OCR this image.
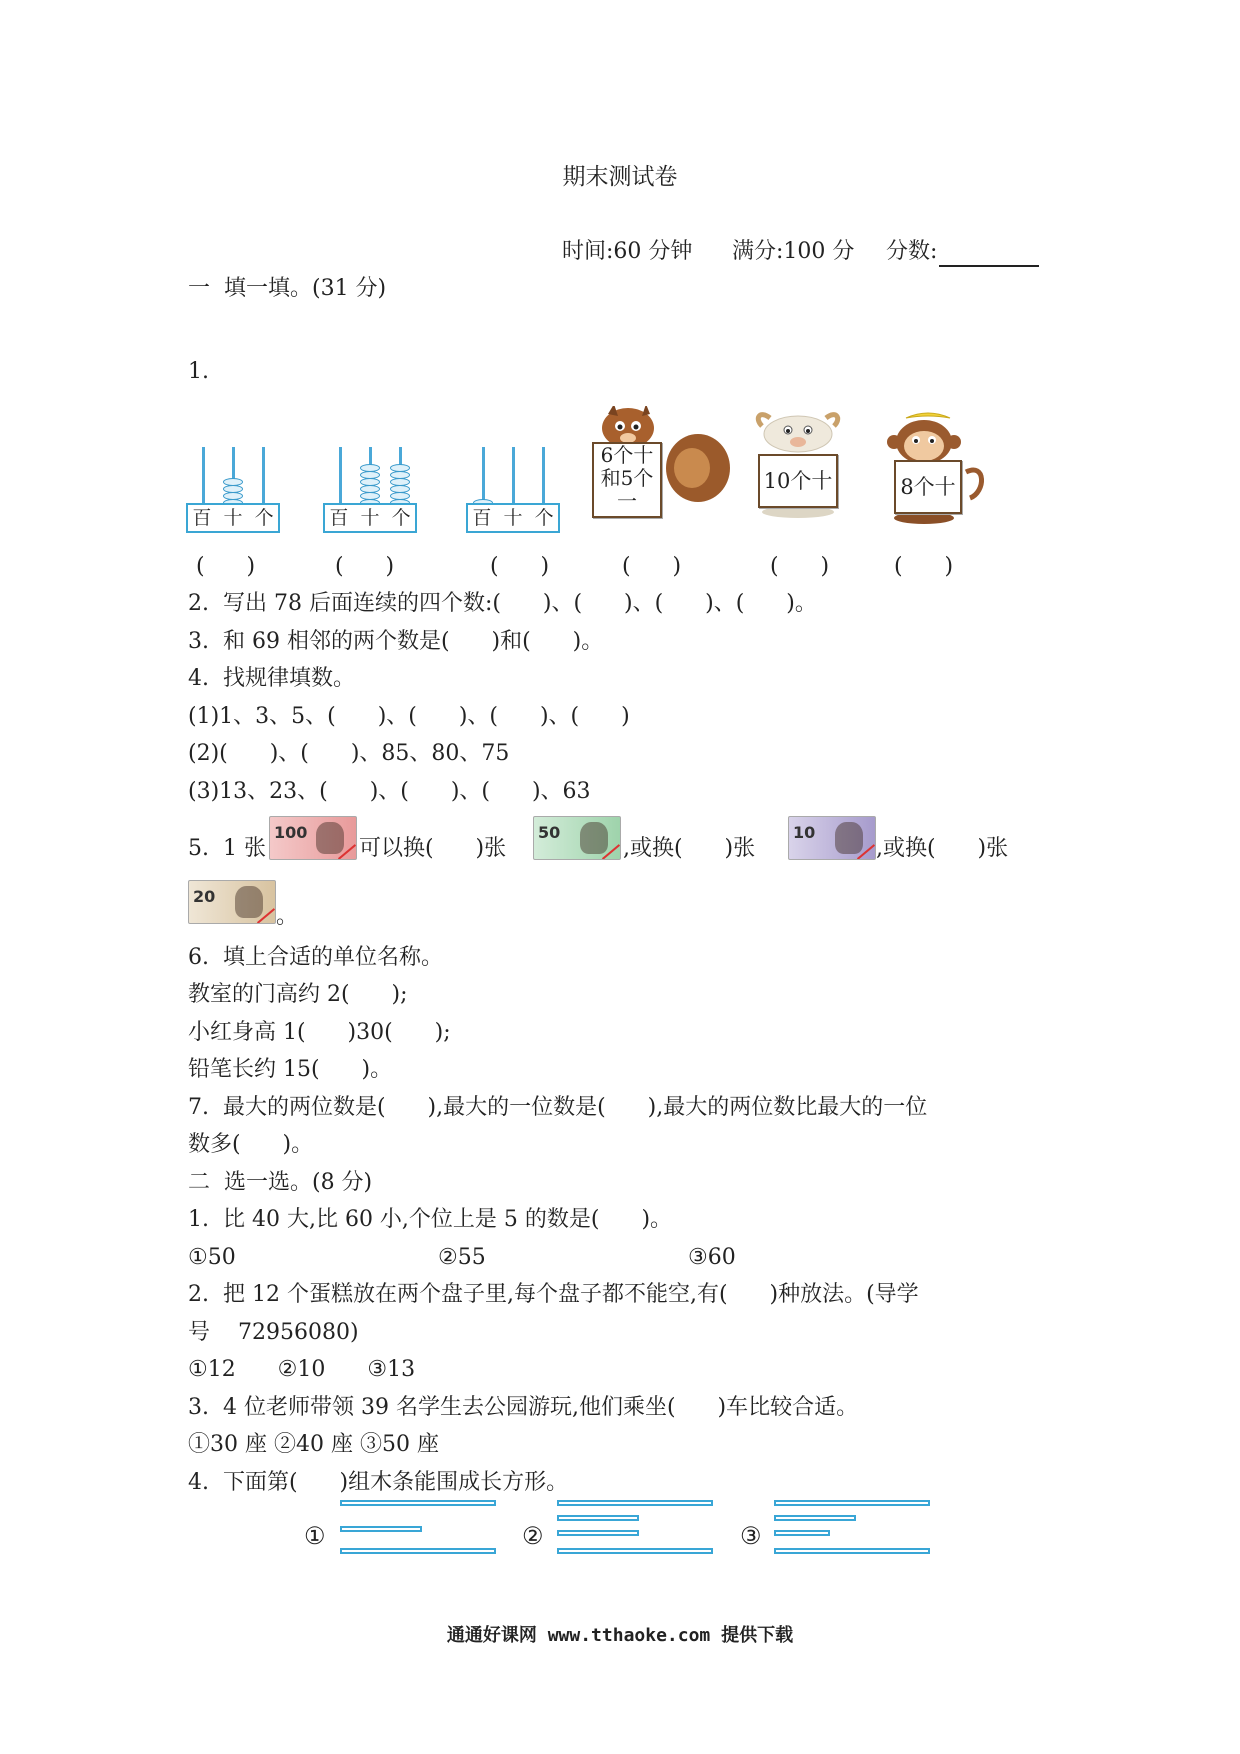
期末测试卷
时间:60 分钟 满分:100 分 分数:
一  填一填。(31 分)
1.
百  十  个	百  十  个	百  十  个
6个十
和5个
一
10个十	8个十
(      )	(      )	(      )	(      )	(      )	(      )
2.  写出 78 后面连续的四个数:(      )、(      )、(      )、(      )。
3.  和 69 相邻的两个数是(      )和(      )。
4.  找规律填数。
(1)1、3、5、(      )、(      )、(      )、(      )
(2)(      )、(      )、85、80、75
(3)13、23、(      )、(      )、(      )、63
5.  1 张
100
可以换(      )张
50
,或换(      )张
10
,或换(      )张
20
。
6.  填上合适的单位名称。
教室的门高约 2(      );
小红身高 1(      )30(      );
铅笔长约 15(      )。
7.  最大的两位数是(      ),最大的一位数是(      ),最大的两位数比最大的一位
数多(      )。
二  选一选。(8 分)
1.  比 40 大,比 60 小,个位上是 5 的数是(      )。
①50	②55	③60
2.  把 12 个蛋糕放在两个盘子里,每个盘子都不能空,有(      )种放法。(导学
号    72956080)
①12      ②10      ③13
3.  4 位老师带领 39 名学生去公园游玩,他们乘坐(      )车比较合适。
①30 座 ②40 座 ③50 座
4.  下面第(      )组木条能围成长方形。
①	②	③
通通好课网 www.tthaoke.com 提供下载
